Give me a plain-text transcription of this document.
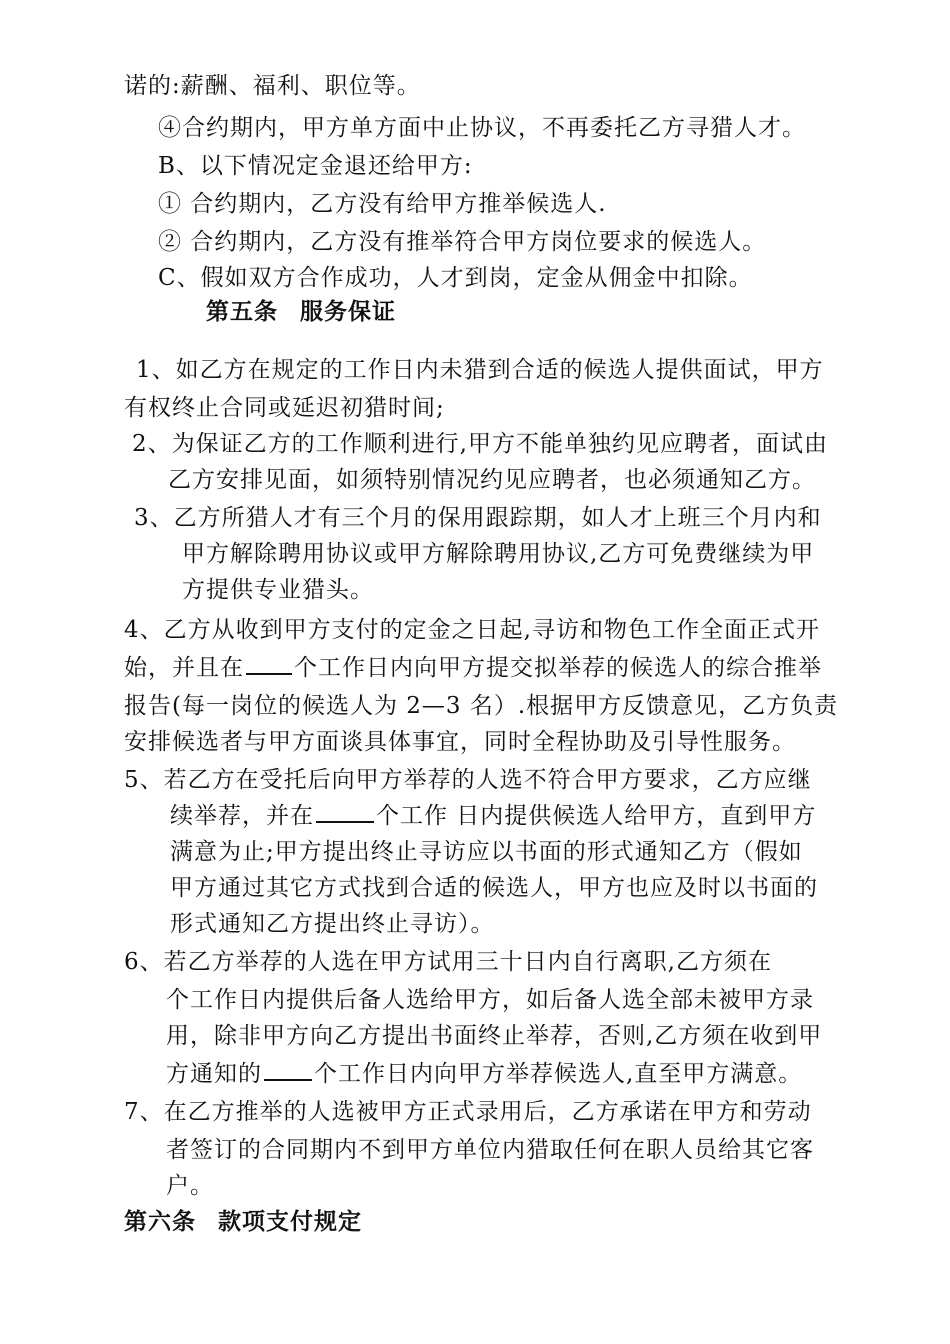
诺的:薪酬、福利、职位等。
④合约期内，甲方单方面中止协议，不再委托乙方寻猎人才。
B、以下情况定金退还给甲方:
① 合约期内，乙方没有给甲方推举候选人.
② 合约期内，乙方没有推举符合甲方岗位要求的候选人。
C、假如双方合作成功，人才到岗，定金从佣金中扣除。
第五条 服务保证
1、如乙方在规定的工作日内未猎到合适的候选人提供面试，甲方
有权终止合同或延迟初猎时间;
2、为保证乙方的工作顺利进行,甲方不能单独约见应聘者，面试由
乙方安排见面，如须特别情况约见应聘者，也必须通知乙方。
3、乙方所猎人才有三个月的保用跟踪期，如人才上班三个月内和
甲方解除聘用协议或甲方解除聘用协议,乙方可免费继续为甲
方提供专业猎头。
4、乙方从收到甲方支付的定金之日起,寻访和物色工作全面正式开
始，并且在 个工作日内向甲方提交拟举荐的候选人的综合推举
报告(每一岗位的候选人为 2—3 名）.根据甲方反馈意见，乙方负责
安排候选者与甲方面谈具体事宜，同时全程协助及引导性服务。
5、若乙方在受托后向甲方举荐的人选不符合甲方要求，乙方应继
续举荐，并在	个工作 日内提供候选人给甲方，直到甲方
满意为止;甲方提出终止寻访应以书面的形式通知乙方（假如
甲方通过其它方式找到合适的候选人，甲方也应及时以书面的
形式通知乙方提出终止寻访）。
6、若乙方举荐的人选在甲方试用三十日内自行离职,乙方须在
个工作日内提供后备人选给甲方，如后备人选全部未被甲方录
用，除非甲方向乙方提出书面终止举荐，否则,乙方须在收到甲
方通知的 个工作日内向甲方举荐候选人,直至甲方满意。
7、在乙方推举的人选被甲方正式录用后，乙方承诺在甲方和劳动
者签订的合同期内不到甲方单位内猎取任何在职人员给其它客
户。
第六条 款项支付规定
